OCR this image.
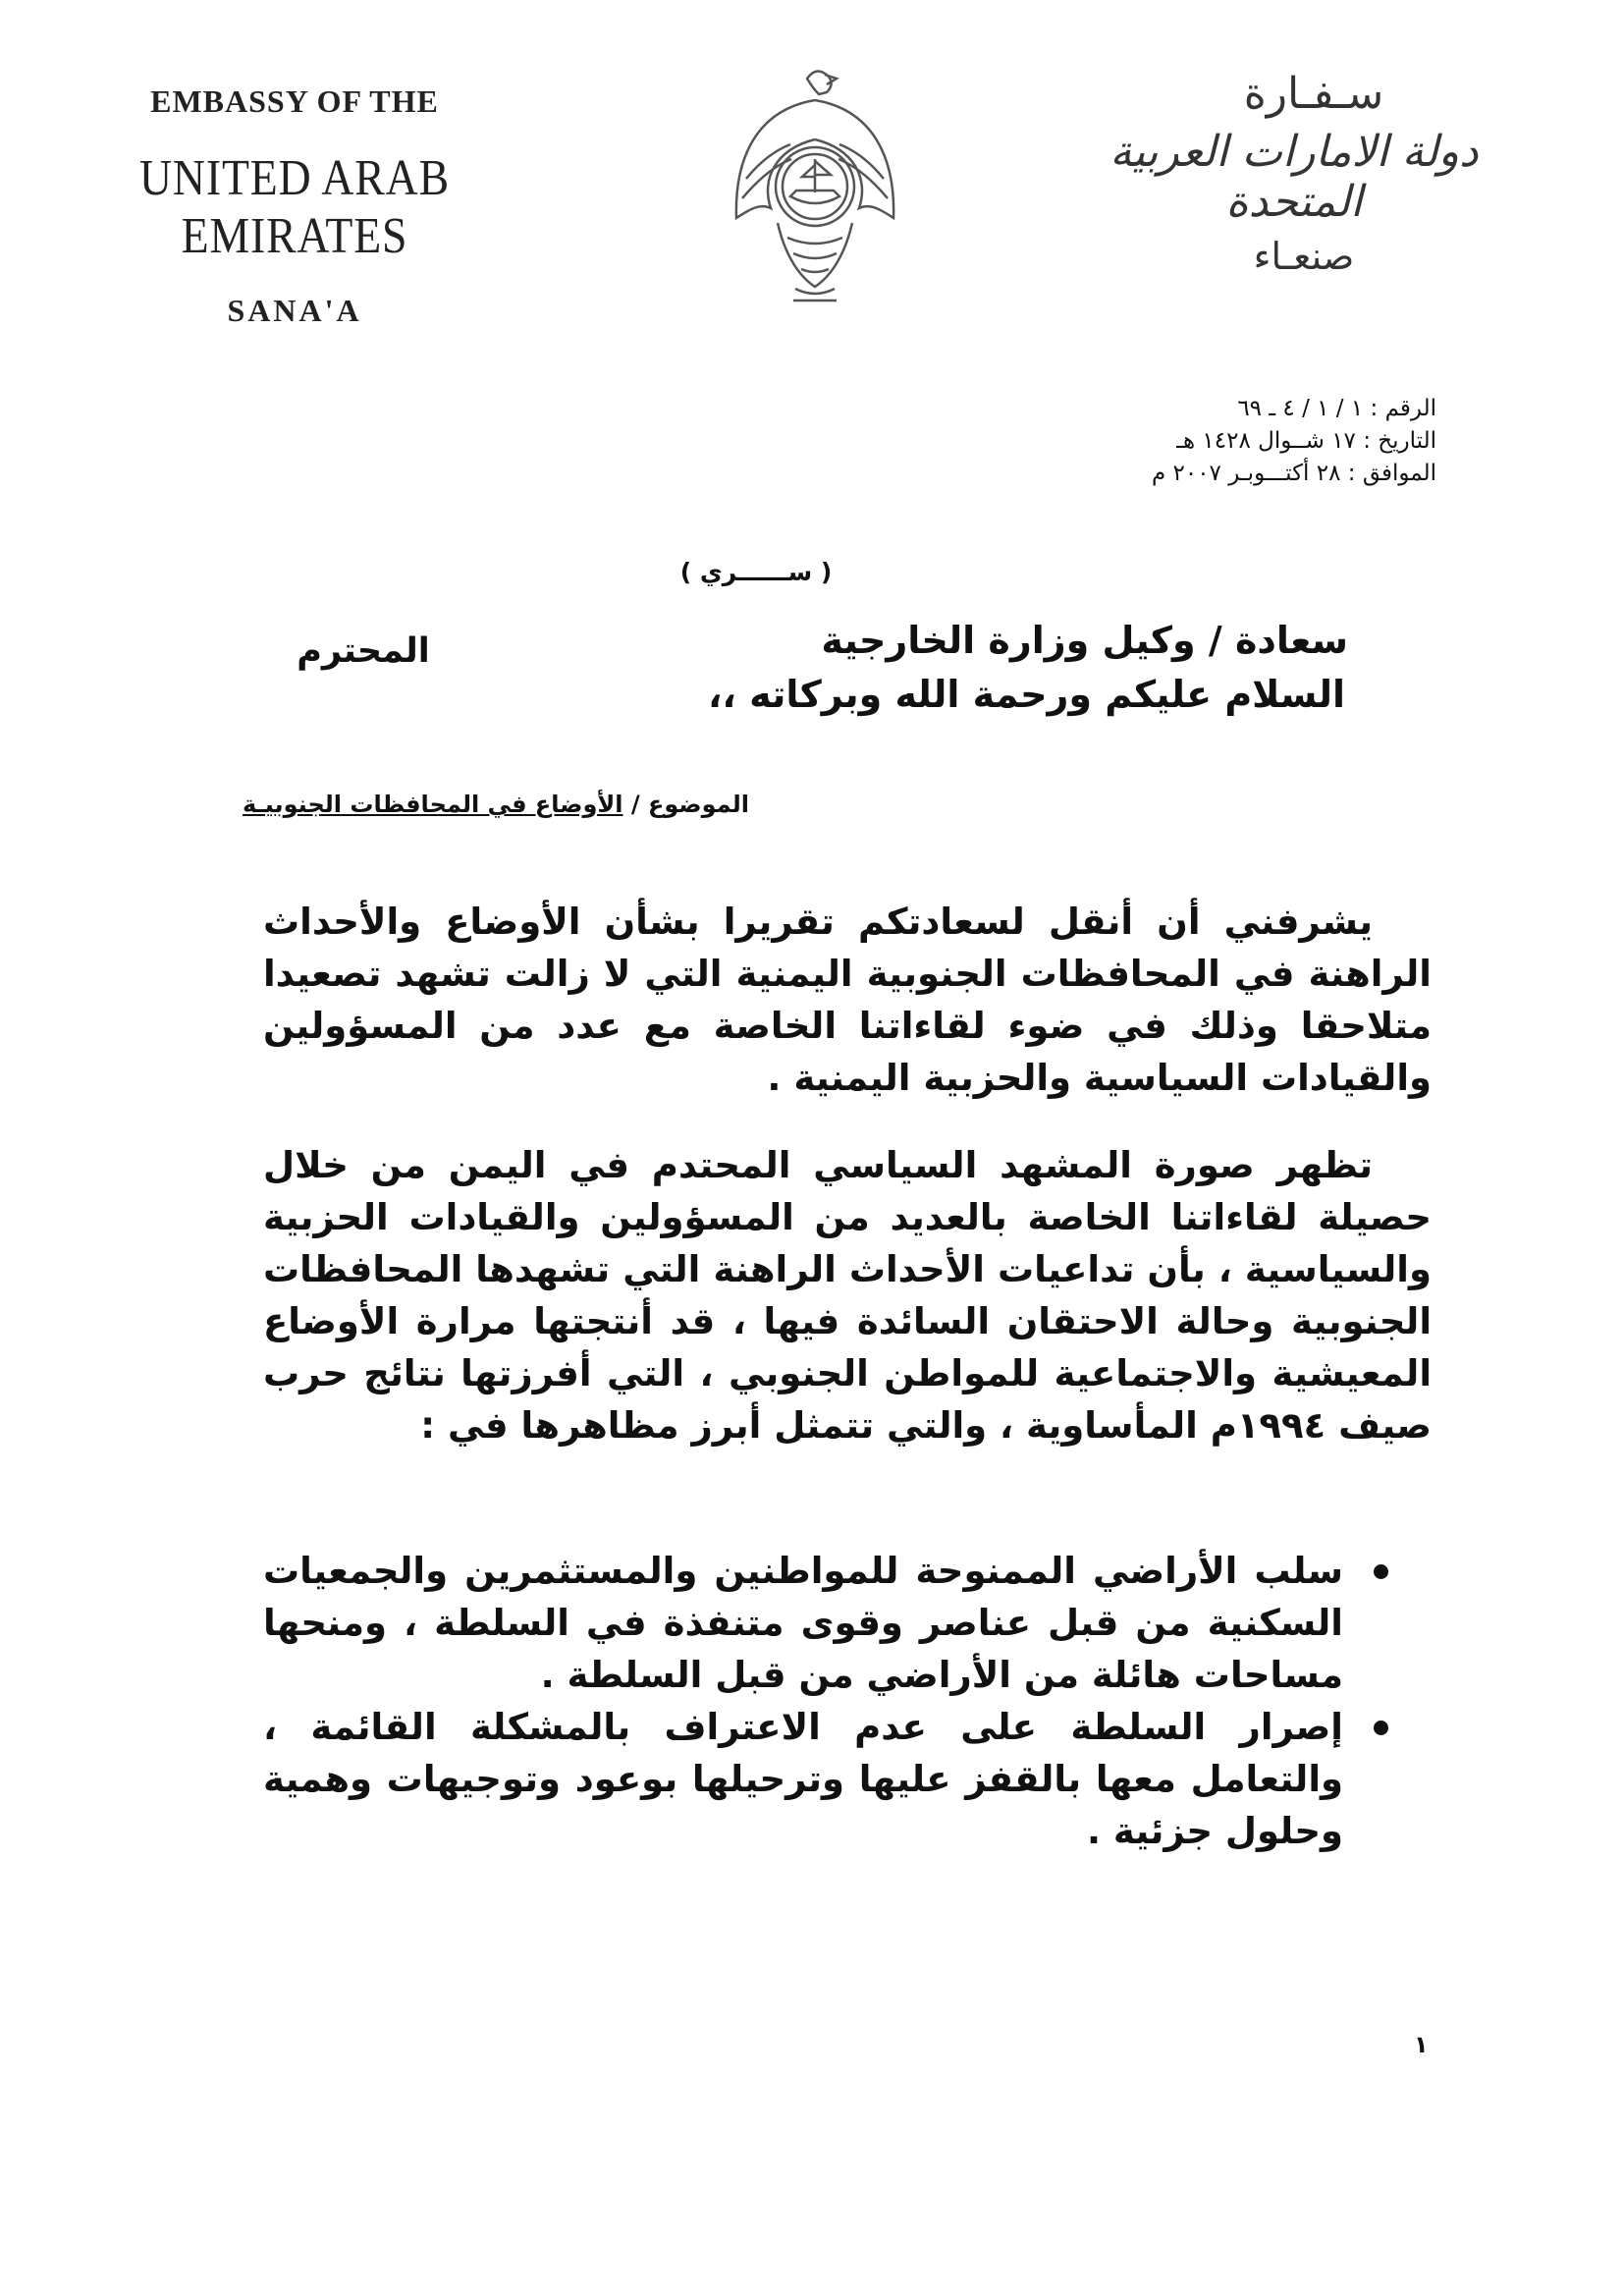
EMBASSY OF THE
UNITED ARAB EMIRATES
SANA'A
سـفـارة
دولة الامارات العربية المتحدة
صنعـاء
الرقم : ١ / ١ / ٤ ـ ٦٩
التاريخ : ١٧ شــوال ١٤٢٨ هـ
الموافق : ٢٨ أكتـــوبـر ٢٠٠٧ م
( ســــــري )
سعادة / وكيل وزارة الخارجية
المحترم
السلام عليكم ورحمة الله وبركاته ،،
الموضوع / الأوضاع في المحافظات الجنوبيـة
يشرفني أن أنقل لسعادتكم تقريرا بشأن الأوضاع والأحداث الراهنة في المحافظات الجنوبية اليمنية التي لا زالت تشهد تصعيدا متلاحقا وذلك في ضوء لقاءاتنا الخاصة مع عدد من المسؤولين والقيادات السياسية والحزبية اليمنية .
تظهر صورة المشهد السياسي المحتدم في اليمن من خلال حصيلة لقاءاتنا الخاصة بالعديد من المسؤولين والقيادات الحزبية والسياسية ، بأن تداعيات الأحداث الراهنة التي تشهدها المحافظات الجنوبية وحالة الاحتقان السائدة فيها ، قد أنتجتها مرارة الأوضاع المعيشية والاجتماعية للمواطن الجنوبي ، التي أفرزتها نتائج حرب صيف ١٩٩٤م المأساوية ، والتي تتمثل أبرز مظاهرها في :
سلب الأراضي الممنوحة للمواطنين والمستثمرين والجمعيات السكنية من قبل عناصر وقوى متنفذة في السلطة ، ومنحها مساحات هائلة من الأراضي من قبل السلطة .
إصرار السلطة على عدم الاعتراف بالمشكلة القائمة ، والتعامل معها بالقفز عليها وترحيلها بوعود وتوجيهات وهمية وحلول جزئية .
١
